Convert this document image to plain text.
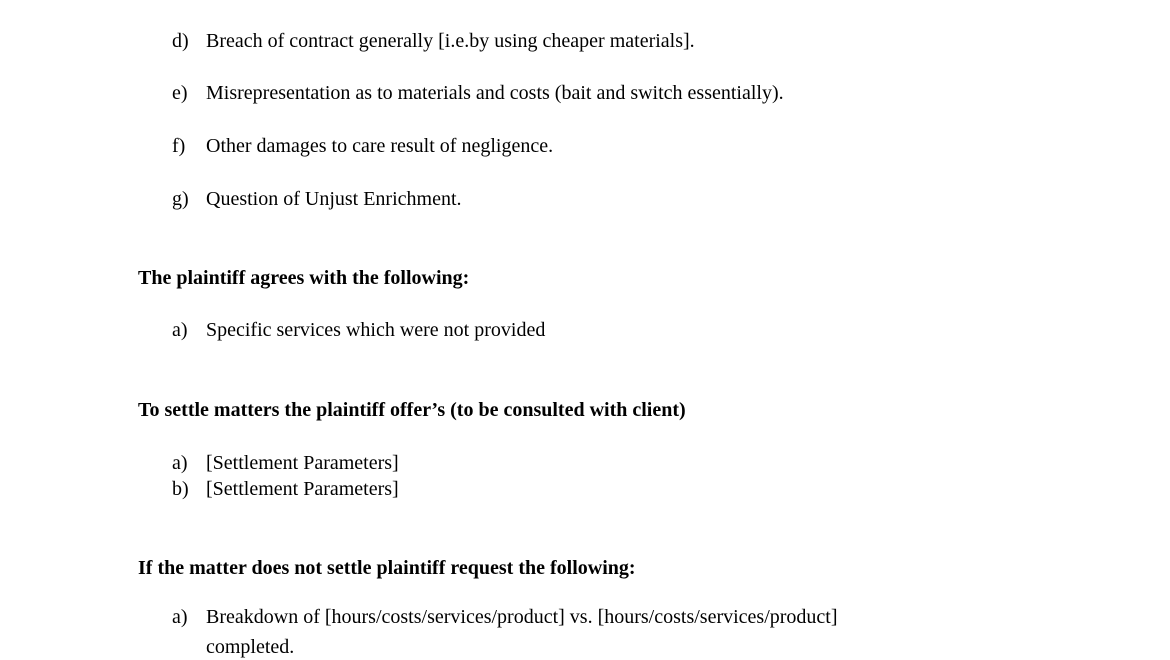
d) Breach of contract generally [i.e.by using cheaper materials].
e) Misrepresentation as to materials and costs (bait and switch essentially).
f)	Other damages to care result of negligence.
g) Question of Unjust Enrichment.
The plaintiff agrees with the following:
a) Specific services which were not provided
To settle matters the plaintiff offer’s (to be consulted with client)
a) [Settlement Parameters]
b) [Settlement Parameters]
If the matter does not settle plaintiff request the following:
a) Breakdown of [hours/costs/services/product] vs. [hours/costs/services/product]
completed.
